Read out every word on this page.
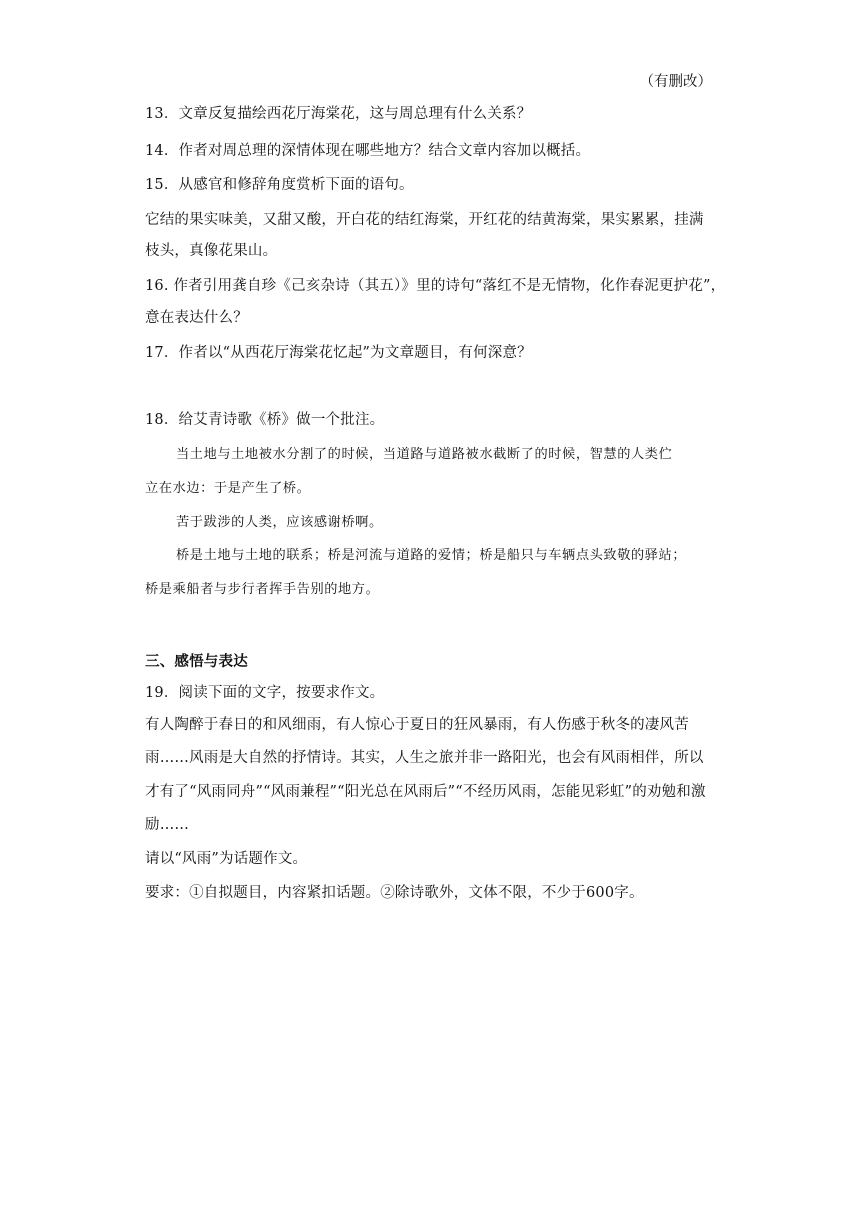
（有删改）
13．文章反复描绘西花厅海棠花，这与周总理有什么关系？
14．作者对周总理的深情体现在哪些地方？结合文章内容加以概括。
15．从感官和修辞角度赏析下面的语句。
它结的果实味美，又甜又酸，开白花的结红海棠，开红花的结黄海棠，果实累累，挂满
枝头，真像花果山。
16. 作者引用龚自珍《己亥杂诗（其五）》里的诗句“落红不是无情物，化作春泥更护花”，
意在表达什么？
17．作者以“从西花厅海棠花忆起”为文章题目，有何深意？
18．给艾青诗歌《桥》做一个批注。
当土地与土地被水分割了的时候，当道路与道路被水截断了的时候，智慧的人类伫
立在水边：于是产生了桥。
苦于跋涉的人类，应该感谢桥啊。
桥是土地与土地的联系；桥是河流与道路的爱情；桥是船只与车辆点头致敬的驿站；
桥是乘船者与步行者挥手告别的地方。
三、感悟与表达
19．阅读下面的文字，按要求作文。
有人陶醉于春日的和风细雨，有人惊心于夏日的狂风暴雨，有人伤感于秋冬的凄风苦
雨……风雨是大自然的抒情诗。其实，人生之旅并非一路阳光，也会有风雨相伴，所以
才有了“风雨同舟”“风雨兼程”“阳光总在风雨后”“不经历风雨，怎能见彩虹”的劝勉和激
励……
请以“风雨”为话题作文。
要求：①自拟题目，内容紧扣话题。②除诗歌外，文体不限，不少于600字。
